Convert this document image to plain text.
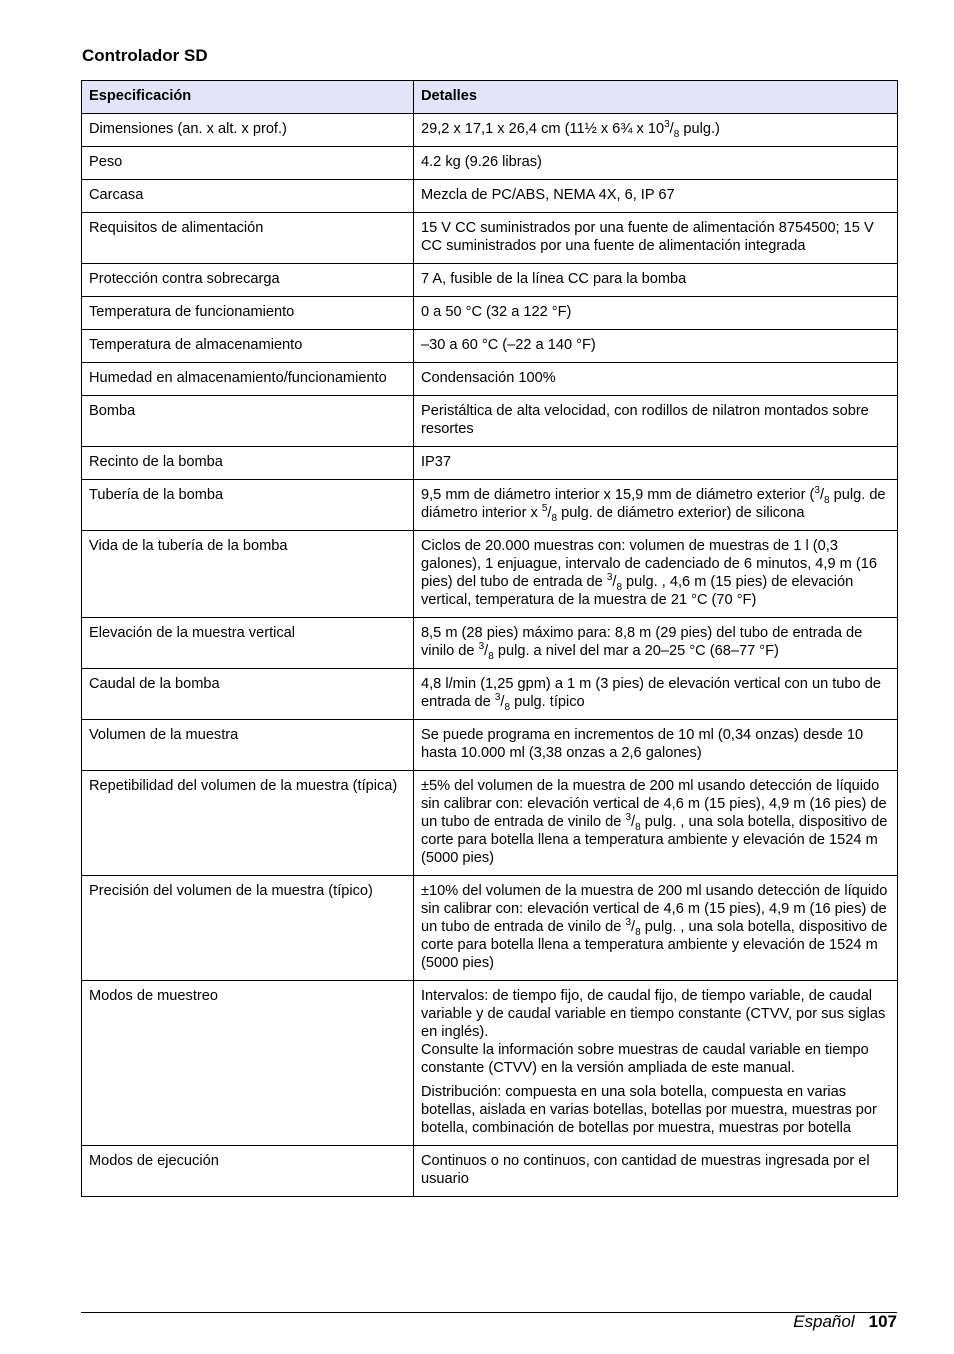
Controlador SD
Especificación	Detalles
Dimensiones (an. x alt. x prof.)	29,2 x 17,1 x 26,4 cm (11½ x 6¾ x $10^3/_8$ pulg.)

Peso	4.2 kg (9.26 libras)

Carcasa	Mezcla de PC/ABS, NEMA 4X, 6, IP 67

Requisitos de alimentación	15 V CC suministrados por una fuente de alimentación 8754500; 15 V CC suministrados por una fuente de alimentación integrada

Protección contra sobrecarga	7 A, fusible de la línea CC para la bomba

Temperatura de funcionamiento	0 a 50 °C (32 a 122 °F)

Temperatura de almacenamiento	–30 a 60 °C (–22 a 140 °F)

Humedad en almacenamiento/funcionamiento	Condensación 100%

Bomba	Peristáltica de alta velocidad, con rodillos de nilatron montados sobre resortes

Recinto de la bomba	IP37

Tubería de la bomba	9,5 mm de diámetro interior x 15,9 mm de diámetro exterior ($^3/_8$ pulg. de diámetro interior x $^5/_8$ pulg. de diámetro exterior) de silicona

Vida de la tubería de la bomba	Ciclos de 20.000 muestras con: volumen de muestras de 1 l (0,3 galones), 1 enjuague, intervalo de cadenciado de 6 minutos, 4,9 m (16 pies) del tubo de entrada de $^3/_8$ pulg. , 4,6 m (15 pies) de elevación vertical, temperatura de la muestra de 21 °C (70 °F)

Elevación de la muestra vertical	8,5 m (28 pies) máximo para: 8,8 m (29 pies) del tubo de entrada de vinilo de $^3/_8$ pulg. a nivel del mar a 20–25 °C (68–77 °F)

Caudal de la bomba	4,8 l/min (1,25 gpm) a 1 m (3 pies) de elevación vertical con un tubo de entrada de $^3/_8$ pulg. típico

Volumen de la muestra	Se puede programa en incrementos de 10 ml (0,34 onzas) desde 10 hasta 10.000 ml (3,38 onzas a 2,6 galones)

Repetibilidad del volumen de la muestra (típica)	±5% del volumen de la muestra de 200 ml usando detección de líquido sin calibrar con: elevación vertical de 4,6 m (15 pies), 4,9 m (16 pies) de un tubo de entrada de vinilo de $^3/_8$ pulg. , una sola botella, dispositivo de corte para botella llena a temperatura ambiente y elevación de 1524 m (5000 pies)

Precisión del volumen de la muestra (típico)	±10% del volumen de la muestra de 200 ml usando detección de líquido sin calibrar con: elevación vertical de 4,6 m (15 pies), 4,9 m (16 pies) de un tubo de entrada de vinilo de $^3/_8$ pulg. , una sola botella, dispositivo de corte para botella llena a temperatura ambiente y elevación de 1524 m (5000 pies)

Modos de muestreo	Intervalos: de tiempo fijo, de caudal fijo, de tiempo variable, de caudal variable y de caudal variable en tiempo constante (CTVV, por sus siglas en inglés).
Consulte la información sobre muestras de caudal variable en tiempo constante (CTVV) en la versión ampliada de este manual.
Distribución: compuesta en una sola botella, compuesta en varias botellas, aislada en varias botellas, botellas por muestra, muestras por botella, combinación de botellas por muestra, muestras por botella

Modos de ejecución	Continuos o no continuos, con cantidad de muestras ingresada por el usuario
Español 107
